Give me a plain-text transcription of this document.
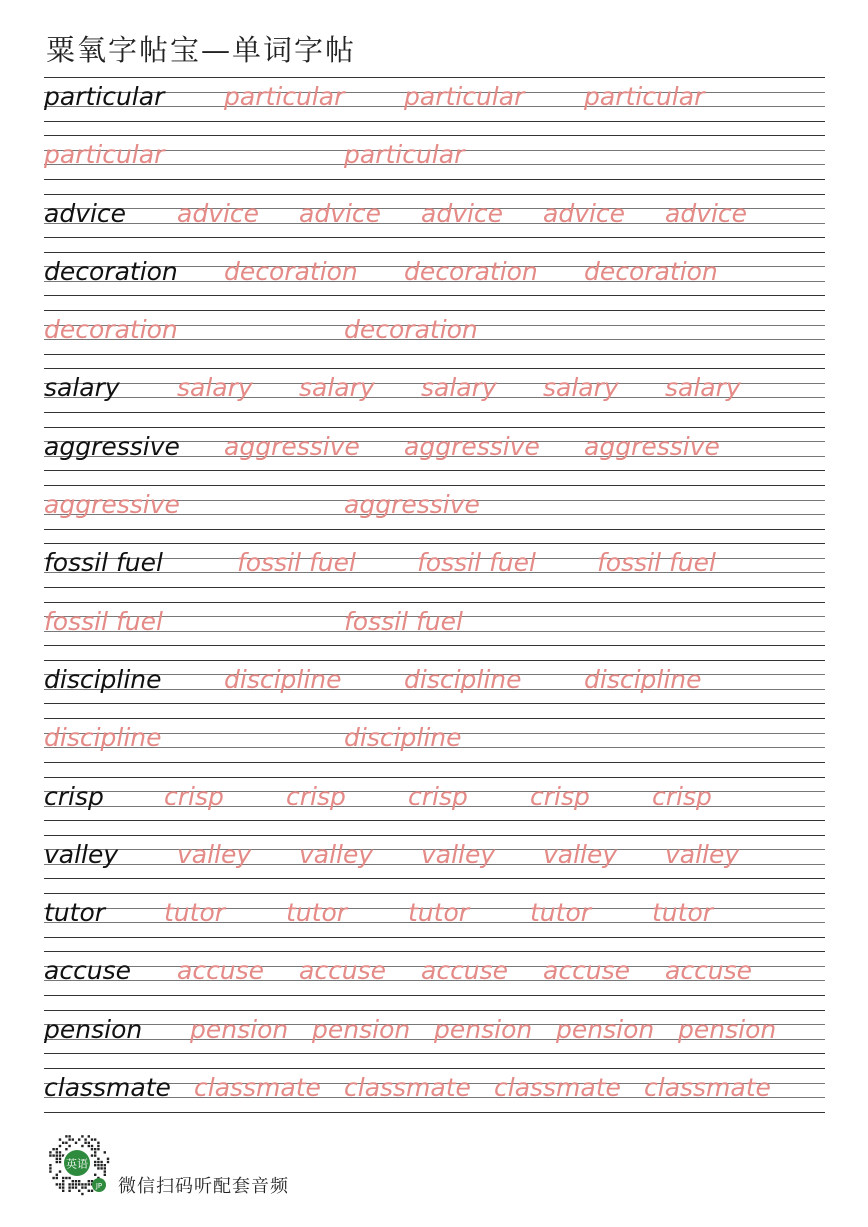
粟氧字帖宝—单词字帖
particular particular particular particular
particular	particular
advice advice advice advice advice advice
decoration decoration decoration decoration
decoration	decoration
salary salary salary salary salary salary
aggressive aggressive aggressive aggressive
aggressive	aggressive
fossil fuel	fossil fuel fossil fuel fossil fuel
fossil fuel	fossil fuel
discipline discipline discipline discipline
discipline	discipline
crisp crisp crisp crisp crisp crisp
valley valley valley valley valley valley
tutor tutor tutor tutor tutor tutor
accuse accuse accuse accuse accuse accuse
pension pension pension pension pension pension
classmate classmate classmate classmate classmate
英语
JP 微信扫码听配套音频
